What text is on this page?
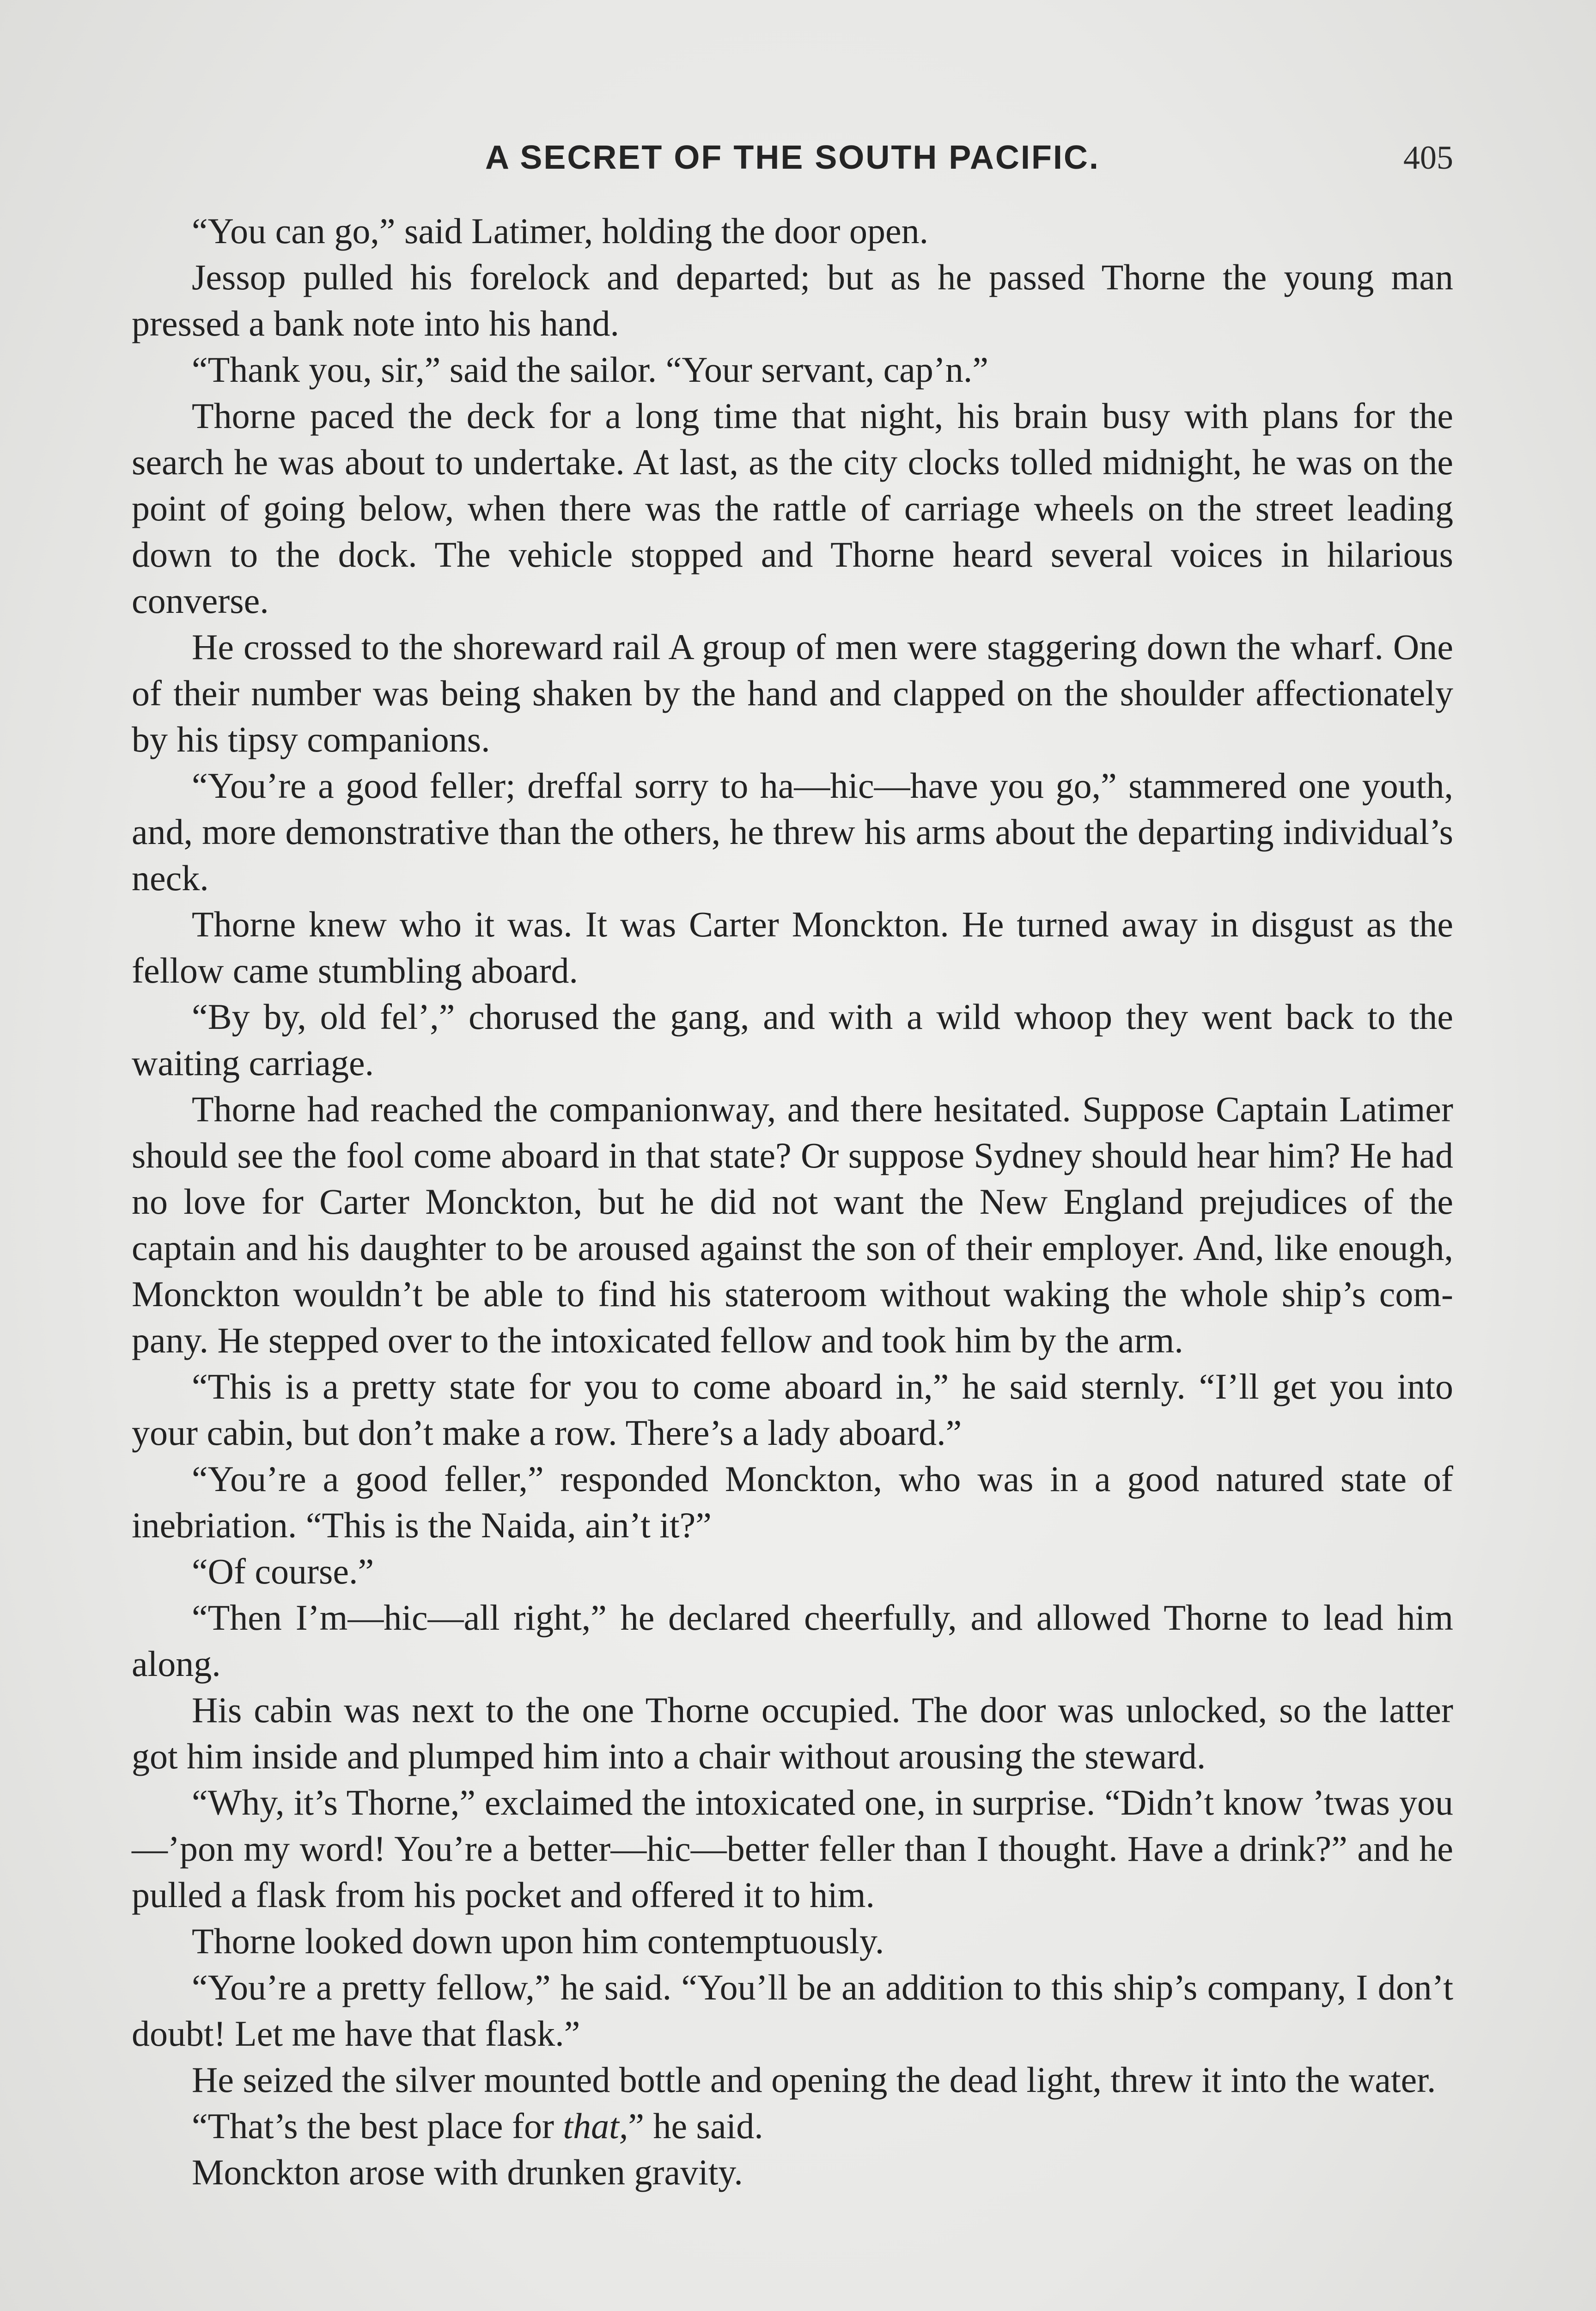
A SECRET OF THE SOUTH PACIFIC.	405

“You can go,” said Latimer, holding the door open.

Jessop pulled his forelock and departed; but as he passed Thorne the young man pressed a bank note into his hand.

“Thank you, sir,” said the sailor. “Your servant, cap’n.”

Thorne paced the deck for a long time that night, his brain busy with plans for the search he was about to undertake. At last, as the city clocks tolled midnight, he was on the point of going below, when there was the rattle of carriage wheels on the street leading down to the dock. The vehicle stopped and Thorne heard several voices in hilarious converse.

He crossed to the shoreward rail A group of men were staggering down the wharf. One of their number was being shaken by the hand and clapped on the shoulder affectionately by his tipsy companions.

“You’re a good feller; dreffal sorry to ha—hic—have you go,” stammered one youth, and, more demonstrative than the others, he threw his arms about the departing individual’s neck.

Thorne knew who it was. It was Carter Monckton. He turned away in disgust as the fellow came stumbling aboard.

“By by, old fel’,” chorused the gang, and with a wild whoop they went back to the waiting carriage.

Thorne had reached the companionway, and there hesitated. Suppose Captain Latimer should see the fool come aboard in that state? Or suppose Sydney should hear him? He had no love for Carter Monckton, but he did not want the New England prejudices of the captain and his daughter to be aroused against the son of their employer. And, like enough, Monckton wouldn’t be able to find his stateroom without waking the whole ship’s company. He stepped over to the intoxicated fellow and took him by the arm.

“This is a pretty state for you to come aboard in,” he said sternly. “I’ll get you into your cabin, but don’t make a row. There’s a lady aboard.”

“You’re a good feller,” responded Monckton, who was in a good natured state of inebriation. “This is the Naida, ain’t it?”

“Of course.”

“Then I’m—hic—all right,” he declared cheerfully, and allowed Thorne to lead him along.

His cabin was next to the one Thorne occupied. The door was unlocked, so the latter got him inside and plumped him into a chair without arousing the steward.

“Why, it’s Thorne,” exclaimed the intoxicated one, in surprise. “Didn’t know ’twas you—’pon my word! You’re a better—hic—better feller than I thought. Have a drink?” and he pulled a flask from his pocket and offered it to him.

Thorne looked down upon him contemptuously.

“You’re a pretty fellow,” he said. “You’ll be an addition to this ship’s company, I don’t doubt! Let me have that flask.”

He seized the silver mounted bottle and opening the dead light, threw it into the water.

“That’s the best place for that,” he said.

Monckton arose with drunken gravity.
